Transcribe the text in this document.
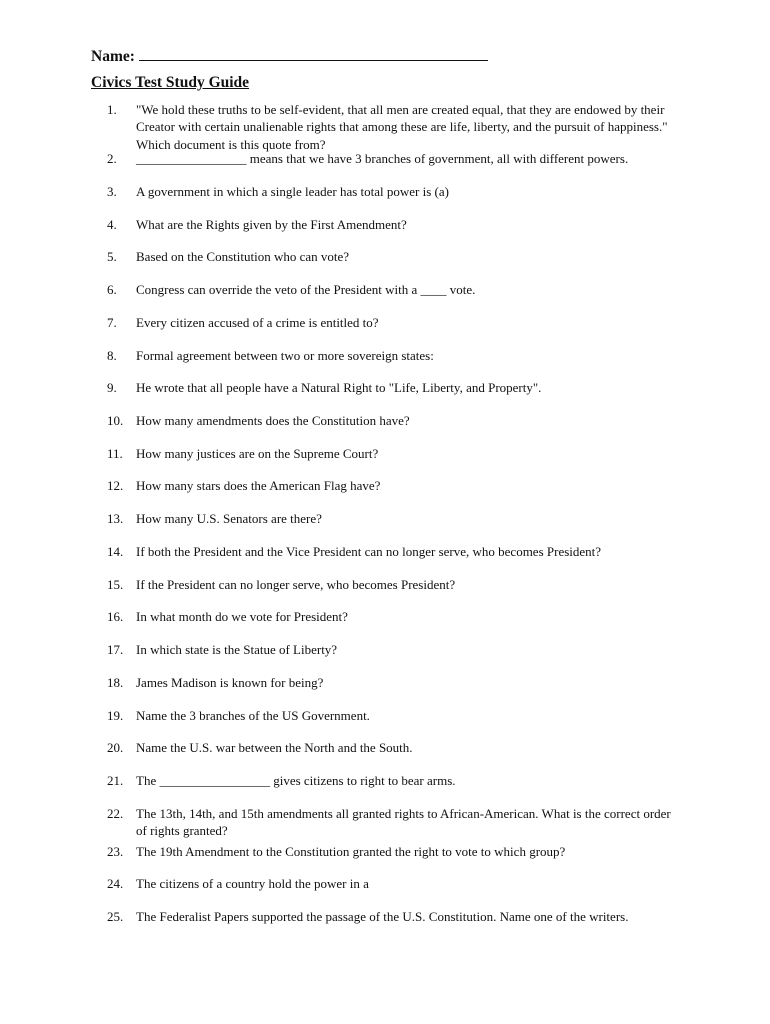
Name:
Civics Test Study Guide
1.	"We hold these truths to be self-evident, that all men are created equal, that they are endowed by their Creator with certain unalienable rights that among these are life, liberty, and the pursuit of happiness." Which document is this quote from?
2.	_________________ means that we have 3 branches of government, all with different powers.
3.	A government in which a single leader has total power is (a)
4.	What are the Rights given by the First Amendment?
5.	Based on the Constitution who can vote?
6.	Congress can override the veto of the President with a ____ vote.
7.	Every citizen accused of a crime is entitled to?
8.	Formal agreement between two or more sovereign states:
9.	He wrote that all people have a Natural Right to "Life, Liberty, and Property".
10. How many amendments does the Constitution have?
11.	How many justices are on the Supreme Court?
12. How many stars does the American Flag have?
13. How many U.S. Senators are there?
14. If both the President and the Vice President can no longer serve, who becomes President?
15. If the President can no longer serve, who becomes President?
16. In what month do we vote for President?
17. In which state is the Statue of Liberty?
18. James Madison is known for being?
19. Name the 3 branches of the US Government.
20. Name the U.S. war between the North and the South.
21. The _________________ gives citizens to right to bear arms.
22. The 13th, 14th, and 15th amendments all granted rights to African-American. What is the correct order of rights granted?
23. The 19th Amendment to the Constitution granted the right to vote to which group?
24. The citizens of a country hold the power in a
25. The Federalist Papers supported the passage of the U.S. Constitution. Name one of the writers.
